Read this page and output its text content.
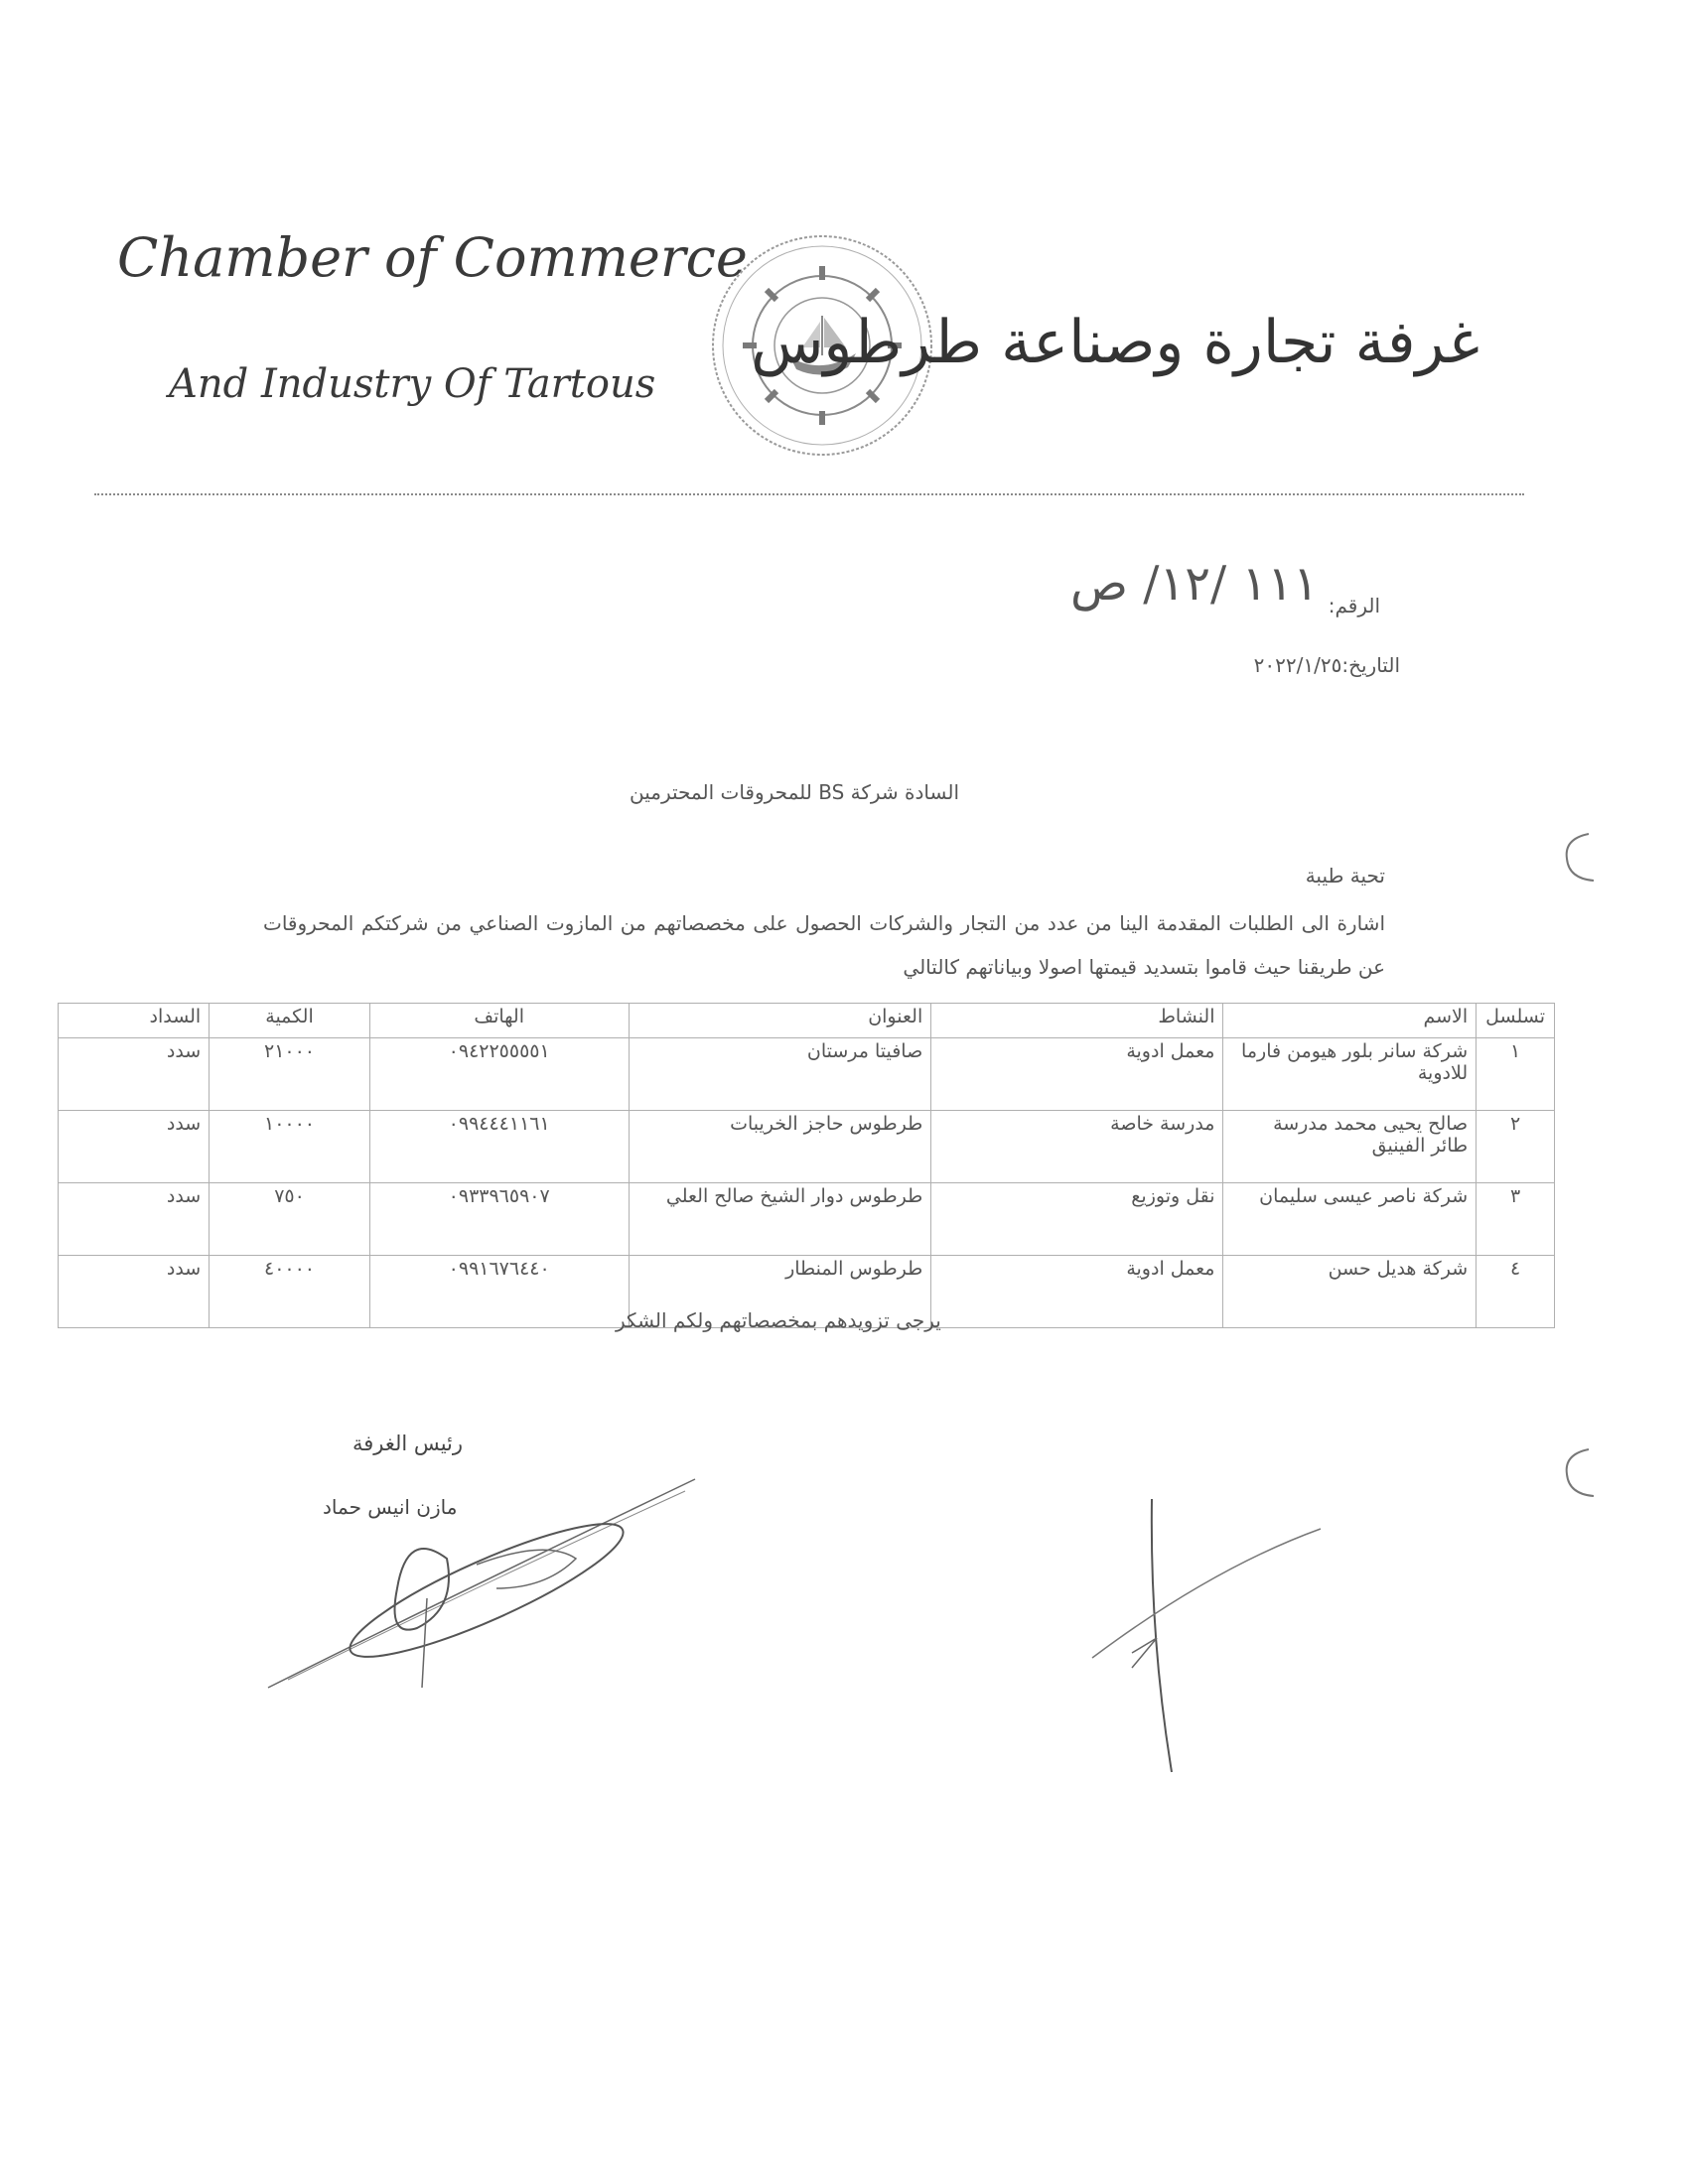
Chamber of Commerce
And Industry Of Tartous
غرفة تجارة وصناعة طرطوس
١١١ /١٢/ ص الرقم:
التاريخ:٢٠٢٢/١/٢٥
السادة شركة BS للمحروقات المحترمين
تحية طيبة
اشارة الى الطلبات المقدمة الينا من عدد من التجار والشركات الحصول على مخصصاتهم من المازوت الصناعي من شركتكم المحروقات عن طريقنا حيث قاموا بتسديد قيمتها اصولا وبياناتهم كالتالي
تسلسل	الاسم	النشاط	العنوان	الهاتف	الكمية	السداد
١	شركة سانر بلور هيومن فارما للادوية	معمل ادوية	صافيتا مرستان	٠٩٤٢٢٥٥٥٥١	٢١٠٠٠	سدد
٢	صالح يحيى محمد مدرسة طائر الفينيق	مدرسة خاصة	طرطوس حاجز الخريبات	٠٩٩٤٤٤١١٦١	١٠٠٠٠	سدد
٣	شركة ناصر عيسى سليمان	نقل وتوزيع	طرطوس دوار الشيخ صالح العلي	٠٩٣٣٩٦٥٩٠٧	٧٥٠	سدد
٤	شركة هديل حسن	معمل ادوية	طرطوس المنطار	٠٩٩١٦٧٦٤٤٠	٤٠٠٠٠	سدد
يرجى تزويدهم بمخصصاتهم ولكم الشكر
رئيس الغرفة
مازن انيس حماد
